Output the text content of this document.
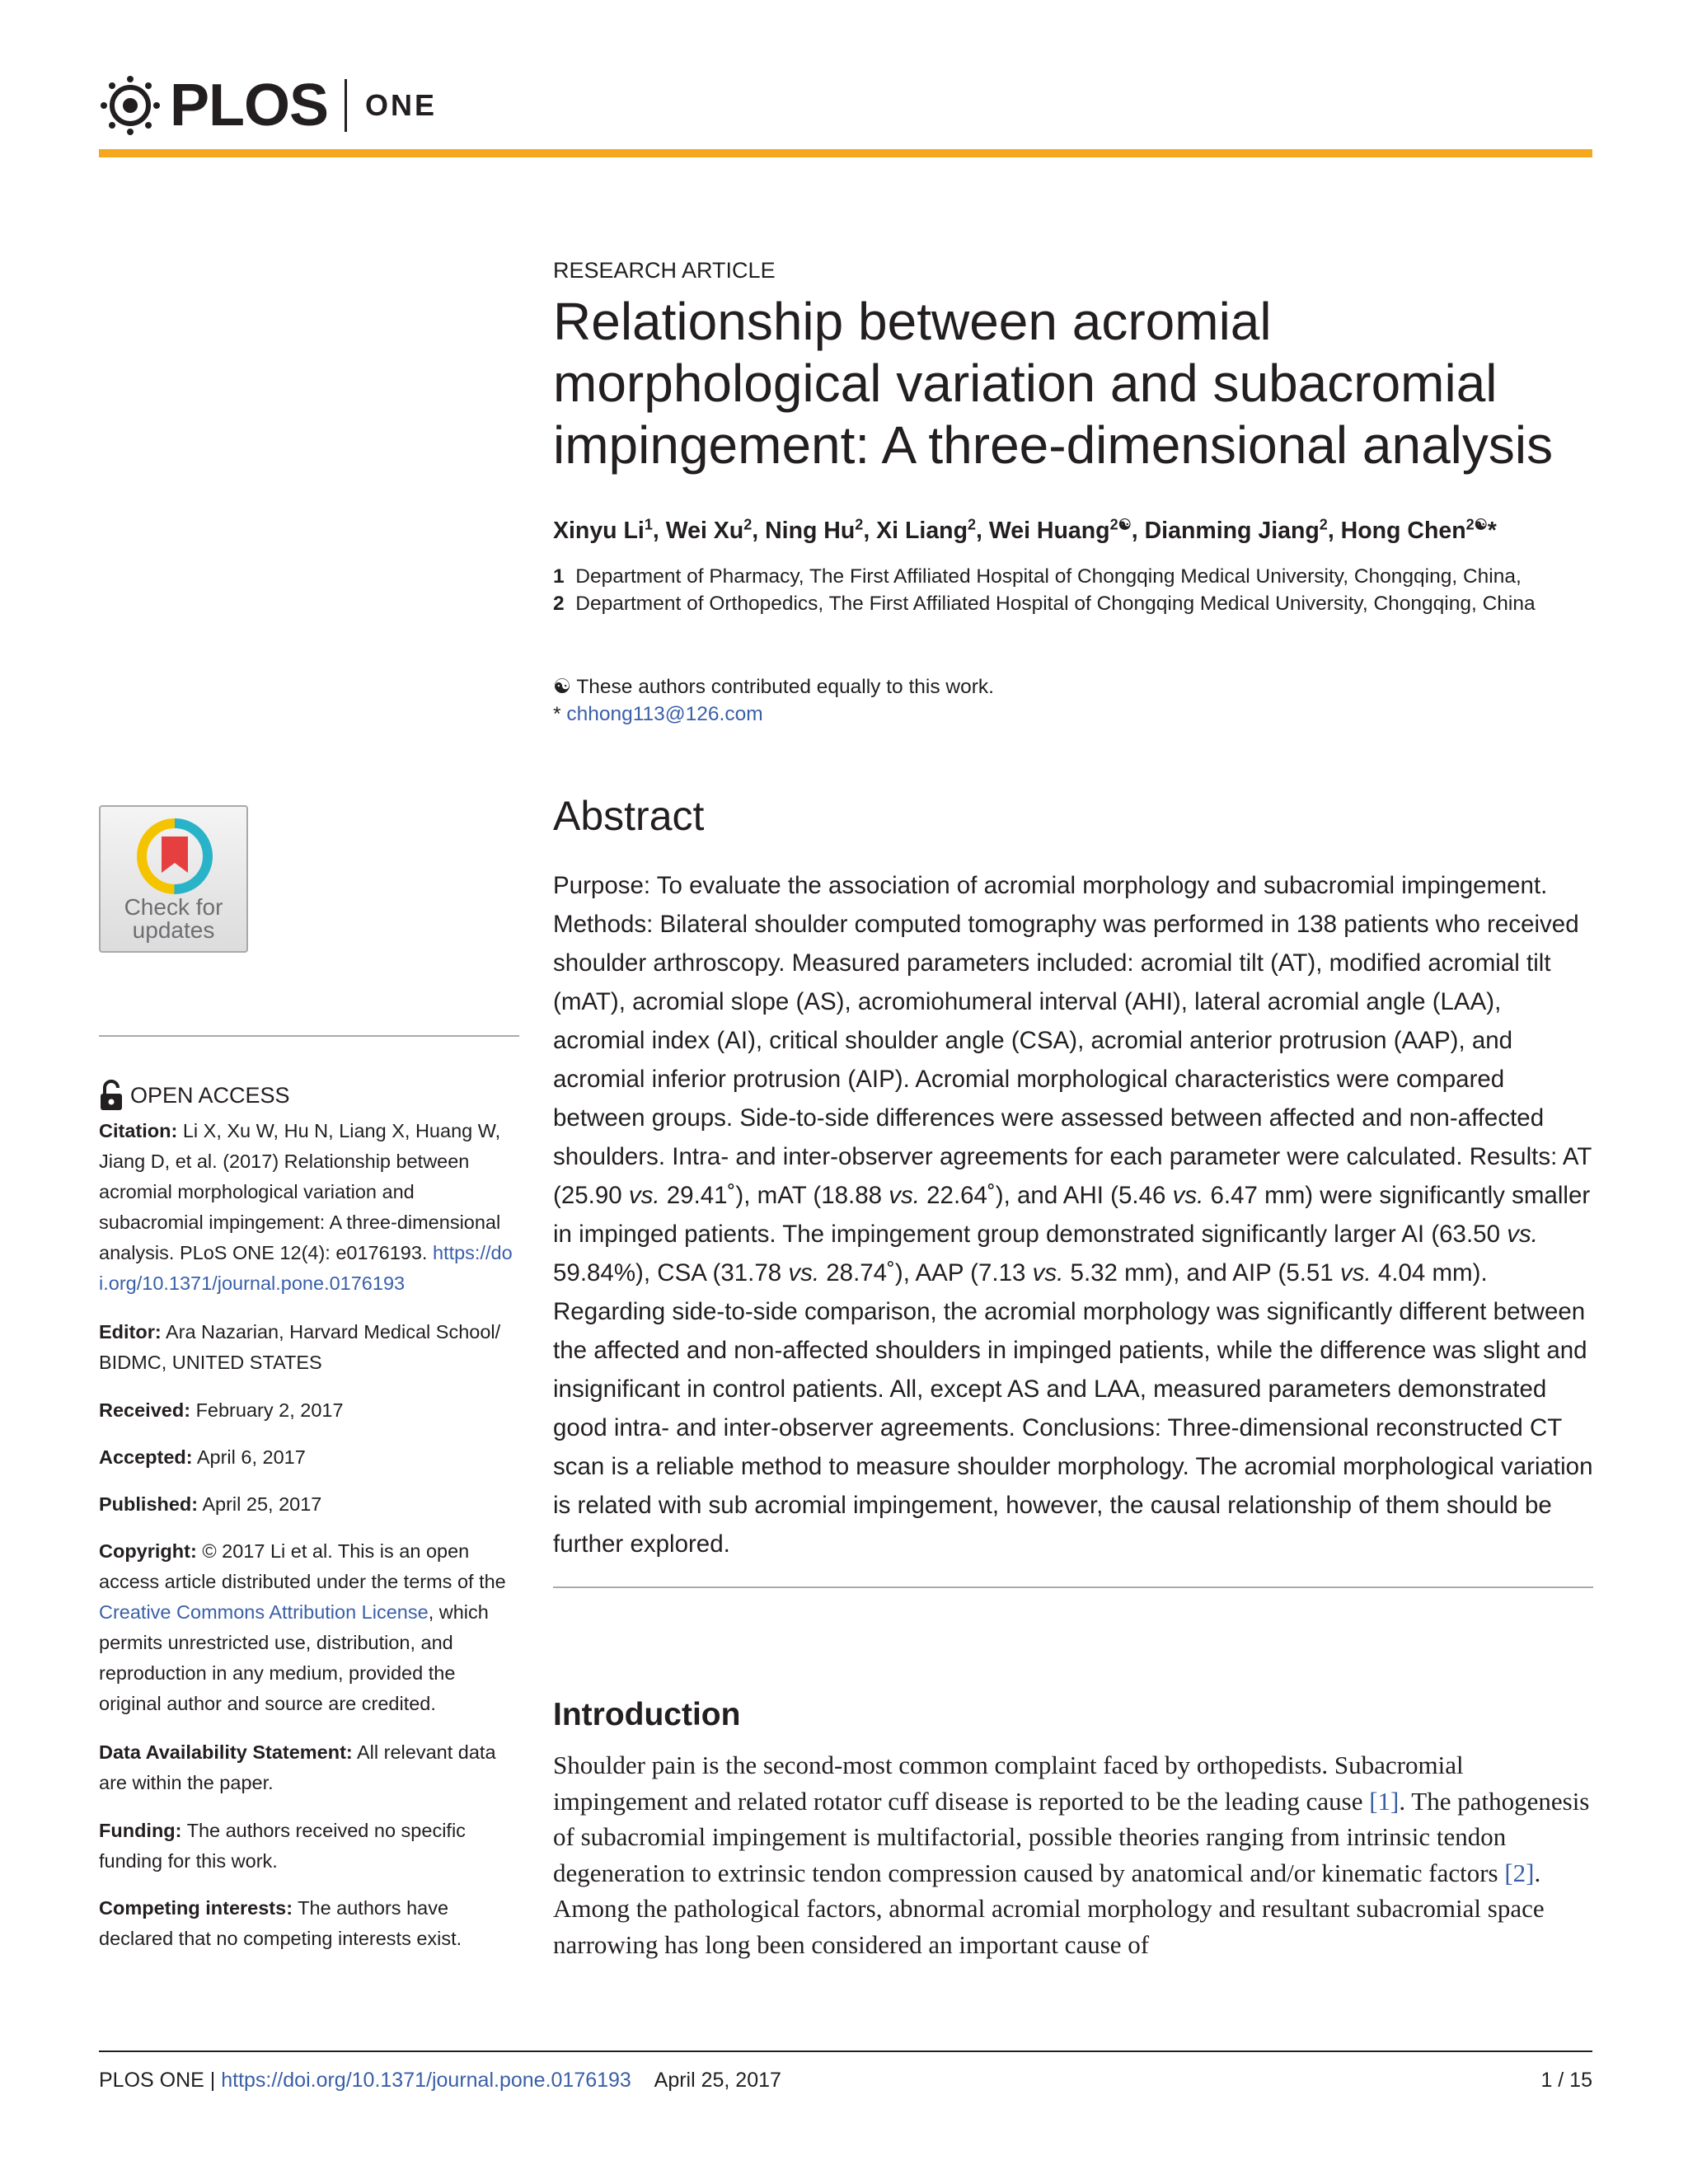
PLOS ONE
Check for
updates
OPEN ACCESS
Citation: Li X, Xu W, Hu N, Liang X, Huang W, Jiang D, et al. (2017) Relationship between acromial morphological variation and subacromial impingement: A three-dimensional analysis. PLoS ONE 12(4): e0176193. https://doi.org/10.1371/journal.pone.0176193
Editor: Ara Nazarian, Harvard Medical School/ BIDMC, UNITED STATES
Received: February 2, 2017
Accepted: April 6, 2017
Published: April 25, 2017
Copyright: © 2017 Li et al. This is an open access article distributed under the terms of the Creative Commons Attribution License, which permits unrestricted use, distribution, and reproduction in any medium, provided the original author and source are credited.
Data Availability Statement: All relevant data are within the paper.
Funding: The authors received no specific funding for this work.
Competing interests: The authors have declared that no competing interests exist.
RESEARCH ARTICLE
Relationship between acromial morphological variation and subacromial impingement: A three-dimensional analysis
Xinyu Li$^1$, Wei Xu$^2$, Ning Hu$^2$, Xi Liang$^2$, Wei Huang$^{2☯}$, Dianming Jiang$^2$, Hong Chen$^{2☯}$*
1 Department of Pharmacy, The First Affiliated Hospital of Chongqing Medical University, Chongqing, China,
2 Department of Orthopedics, The First Affiliated Hospital of Chongqing Medical University, Chongqing, China
☯ These authors contributed equally to this work.
* chhong113@126.com
Abstract
Purpose: To evaluate the association of acromial morphology and subacromial impingement. Methods: Bilateral shoulder computed tomography was performed in 138 patients who received shoulder arthroscopy. Measured parameters included: acromial tilt (AT), modified acromial tilt (mAT), acromial slope (AS), acromiohumeral interval (AHI), lateral acromial angle (LAA), acromial index (AI), critical shoulder angle (CSA), acromial anterior protrusion (AAP), and acromial inferior protrusion (AIP). Acromial morphological characteristics were compared between groups. Side-to-side differences were assessed between affected and non-affected shoulders. Intra- and inter-observer agreements for each parameter were calculated. Results: AT (25.90 vs. 29.41˚), mAT (18.88 vs. 22.64˚), and AHI (5.46 vs. 6.47 mm) were significantly smaller in impinged patients. The impingement group demonstrated significantly larger AI (63.50 vs. 59.84%), CSA (31.78 vs. 28.74˚), AAP (7.13 vs. 5.32 mm), and AIP (5.51 vs. 4.04 mm). Regarding side-to-side comparison, the acromial morphology was significantly different between the affected and non-affected shoulders in impinged patients, while the difference was slight and insignificant in control patients. All, except AS and LAA, measured parameters demonstrated good intra- and inter-observer agreements. Conclusions: Three-dimensional reconstructed CT scan is a reliable method to measure shoulder morphology. The acromial morphological variation is related with sub acromial impingement, however, the causal relationship of them should be further explored.
Introduction
Shoulder pain is the second-most common complaint faced by orthopedists. Subacromial impingement and related rotator cuff disease is reported to be the leading cause [1]. The pathogenesis of subacromial impingement is multifactorial, possible theories ranging from intrinsic tendon degeneration to extrinsic tendon compression caused by anatomical and/or kinematic factors [2]. Among the pathological factors, abnormal acromial morphology and resultant subacromial space narrowing has long been considered an important cause of
PLOS ONE | https://doi.org/10.1371/journal.pone.0176193 April 25, 2017	1 / 15
